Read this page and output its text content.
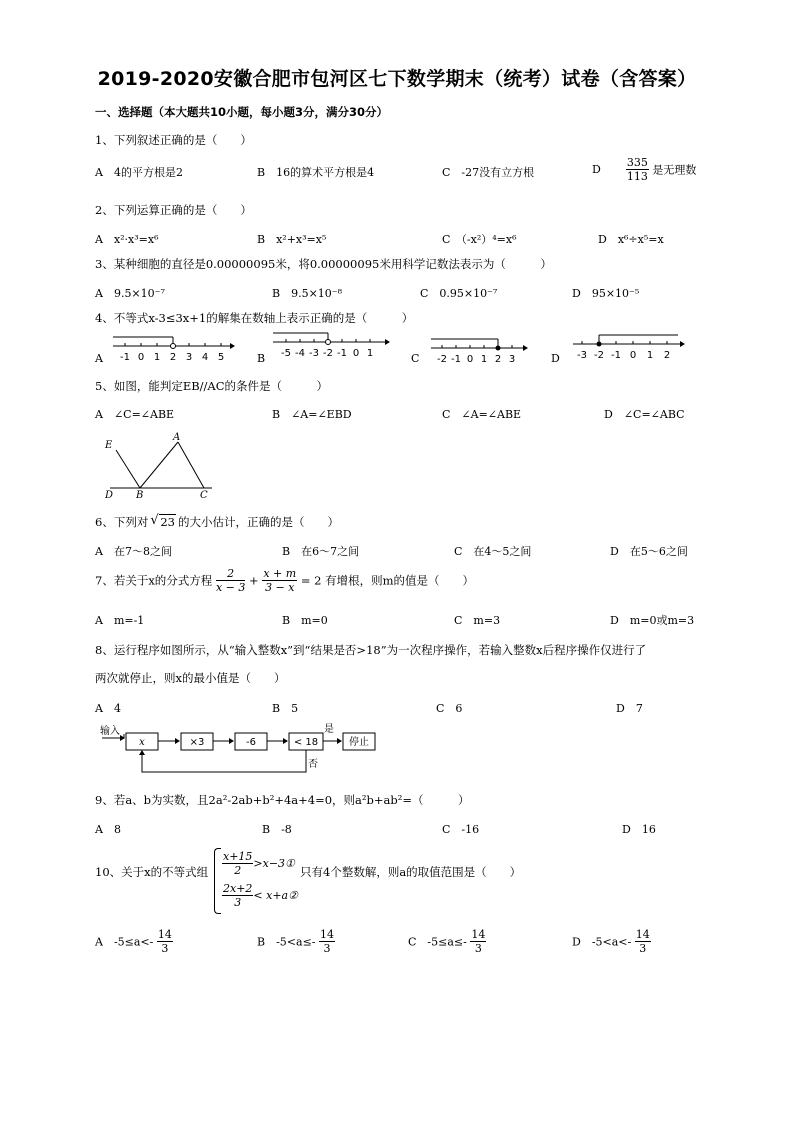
2019-2020安徽合肥市包河区七下数学期末（统考）试卷（含答案）
一、选择题（本大题共10小题，每小题3分，满分30分）
1、下列叙述正确的是（　　）
A　4的平方根是2	B　16的算术平方根是4	C　-27没有立方根	D $\frac{335}{113}$ 是无理数
2、下列运算正确的是（　　）
A　x²·x³=x⁶	B　x²+x³=x⁵	C　（-x²）⁴=x⁶	D　x⁶÷x⁵=x
3、某种细胞的直径是0.00000095米，将0.00000095米用科学记数法表示为（　　　）
A　9.5×10⁻⁷	B　9.5×10⁻⁸	C　0.95×10⁻⁷	D　95×10⁻⁵
4、不等式x-3≤3x+1的解集在数轴上表示正确的是（　　　）
A	B	C	D
-1 0 1 2 3 4 5	-5 -4 -3 -2 -1 0 1
-2 -1 0 1 2 3	-3 -2 -1 0 1 2
5、如图，能判定EB//AC的条件是（　　　）
A　∠C=∠ABE	B　∠A=∠EBD	C　∠A=∠ABE	D　∠C=∠ABC
E
A
D B	C
6、下列对 √ 23 的大小估计，正确的是（　　）
A　在7～8之间	B　在6～7之间	C　在4～5之间	D　在5～6之间
7、若关于x的分式方程 $\frac{2}{x - 3} + \frac{x + m}{3 - x} = 2$ 有增根，则m的值是（　　）
A　m=-1	B　m=0	C　m=3	D　m=0或m=3
8、运行程序如图所示，从“输入整数x”到“结果是否>18”为一次程序操作，若输入整数x后程序操作仅进行了
两次就停止，则x的最小值是（　　）
A　4	B　5	C　6	D　7
输入
x	×3	-6	< 18
是
停止
否
9、若a、b为实数，且2a²-2ab+b²+4a+4=0，则a²b+ab²=（　　　）
A　8	B　-8	C　-16	D　16
10、关于x的不等式组 $\frac{x+15}{2}$ >x−3①
$\frac{2x+2}{3}$ < x+a②
只有4个整数解，则a的取值范围是（　　）
A　$-5\le a<- \frac{14}{3}$	B　$-5<a\le- \frac{14}{3}$	C　$-5\le a\le- \frac{14}{3}$	D　$-5<a<- \frac{14}{3}$
